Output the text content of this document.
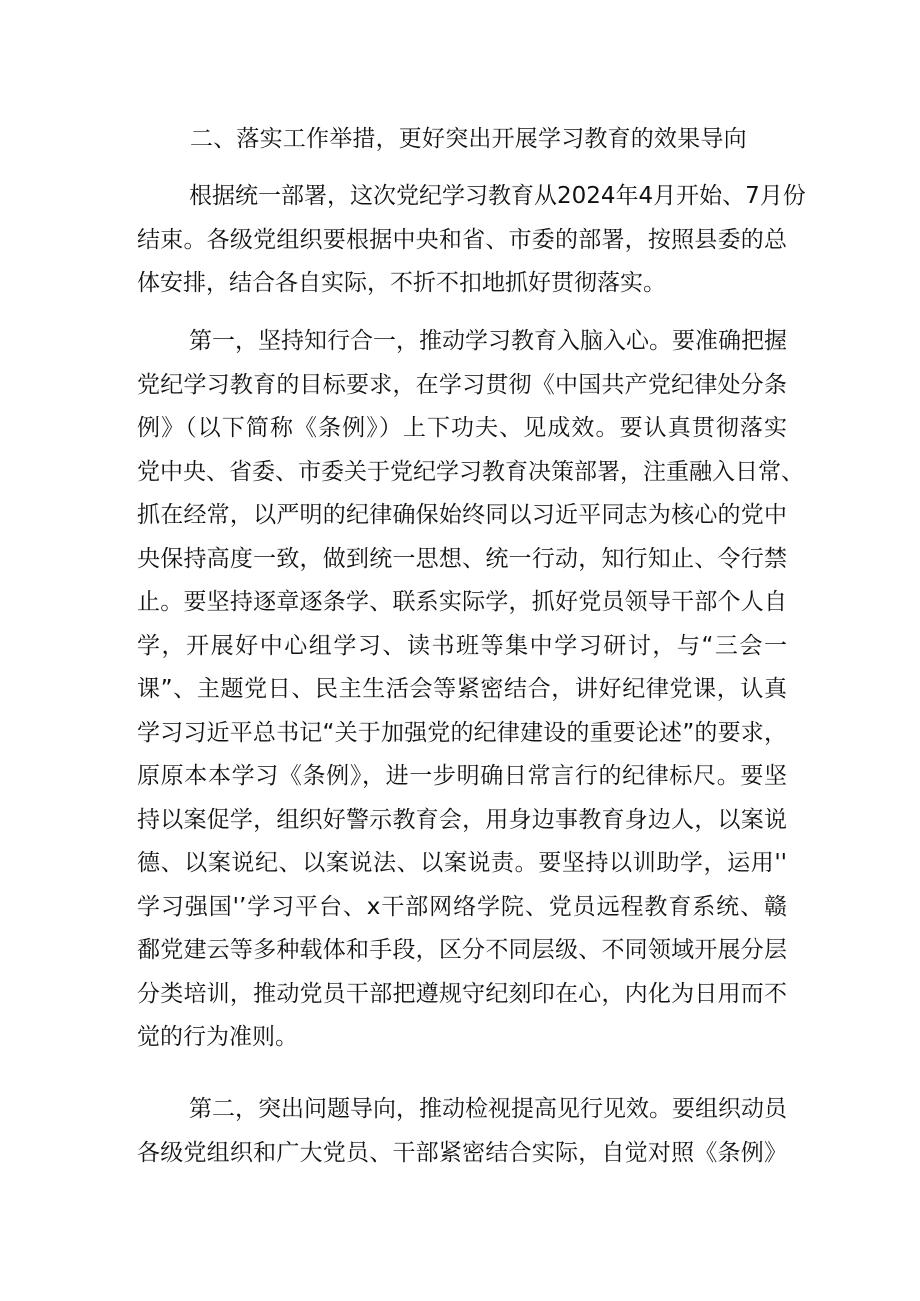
二、落实工作举措，更好突出开展学习教育的效果导向

根据统一部署，这次党纪学习教育从2024年4月开始、7月份
结束。各级党组织要根据中央和省、市委的部署，按照县委的总
体安排，结合各自实际，不折不扣地抓好贯彻落实。

第一，坚持知行合一，推动学习教育入脑入心。要准确把握
党纪学习教育的目标要求，在学习贯彻《中国共产党纪律处分条
例》（以下简称《条例》）上下功夫、见成效。要认真贯彻落实
党中央、省委、市委关于党纪学习教育决策部署，注重融入日常、
抓在经常，以严明的纪律确保始终同以习近平同志为核心的党中
央保持高度一致，做到统一思想、统一行动，知行知止、令行禁
止。要坚持逐章逐条学、联系实际学，抓好党员领导干部个人自
学，开展好中心组学习、读书班等集中学习研讨，与“三会一
课”、主题党日、民主生活会等紧密结合，讲好纪律党课，认真
学习习近平总书记“关于加强党的纪律建设的重要论述”的要求，
原原本本学习《条例》，进一步明确日常言行的纪律标尺。要坚
持以案促学，组织好警示教育会，用身边事教育身边人，以案说
德、以案说纪、以案说法、以案说责。要坚持以训助学，运用''
学习强国'’学习平台、x干部网络学院、党员远程教育系统、赣
鄱党建云等多种载体和手段，区分不同层级、不同领域开展分层
分类培训，推动党员干部把遵规守纪刻印在心，内化为日用而不
觉的行为准则。

第二，突出问题导向，推动检视提高见行见效。要组织动员
各级党组织和广大党员、干部紧密结合实际，自觉对照《条例》
